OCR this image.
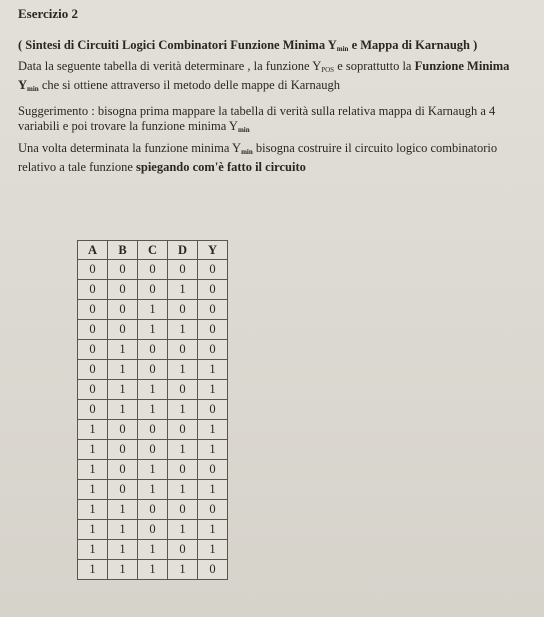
Esercizio 2
( Sintesi di Circuiti Logici Combinatori Funzione Minima $Y_{min}$ e Mappa di Karnaugh )
Data la seguente tabella di verità determinare , la funzione $Y_{POS}$ e soprattutto la Funzione Minima
$Y_{min}$ che si ottiene attraverso il metodo delle mappe di Karnaugh
Suggerimento : bisogna prima mappare la tabella di verità sulla relativa mappa di Karnaugh a 4 variabili e poi trovare la funzione minima $Y_{min}$
Una volta determinata la funzione minima $Y_{min}$ bisogna costruire il circuito logico combinatorio relativo a tale funzione spiegando com'è fatto il circuito
A	B	C	D	Y
0	0	0	0	0
0	0	0	1	0
0	0	1	0	0
0	0	1	1	0
0	1	0	0	0
0	1	0	1	1
0	1	1	0	1
0	1	1	1	0
1	0	0	0	1
1	0	0	1	1
1	0	1	0	0
1	0	1	1	1
1	1	0	0	0
1	1	0	1	1
1	1	1	0	1
1	1	1	1	0
